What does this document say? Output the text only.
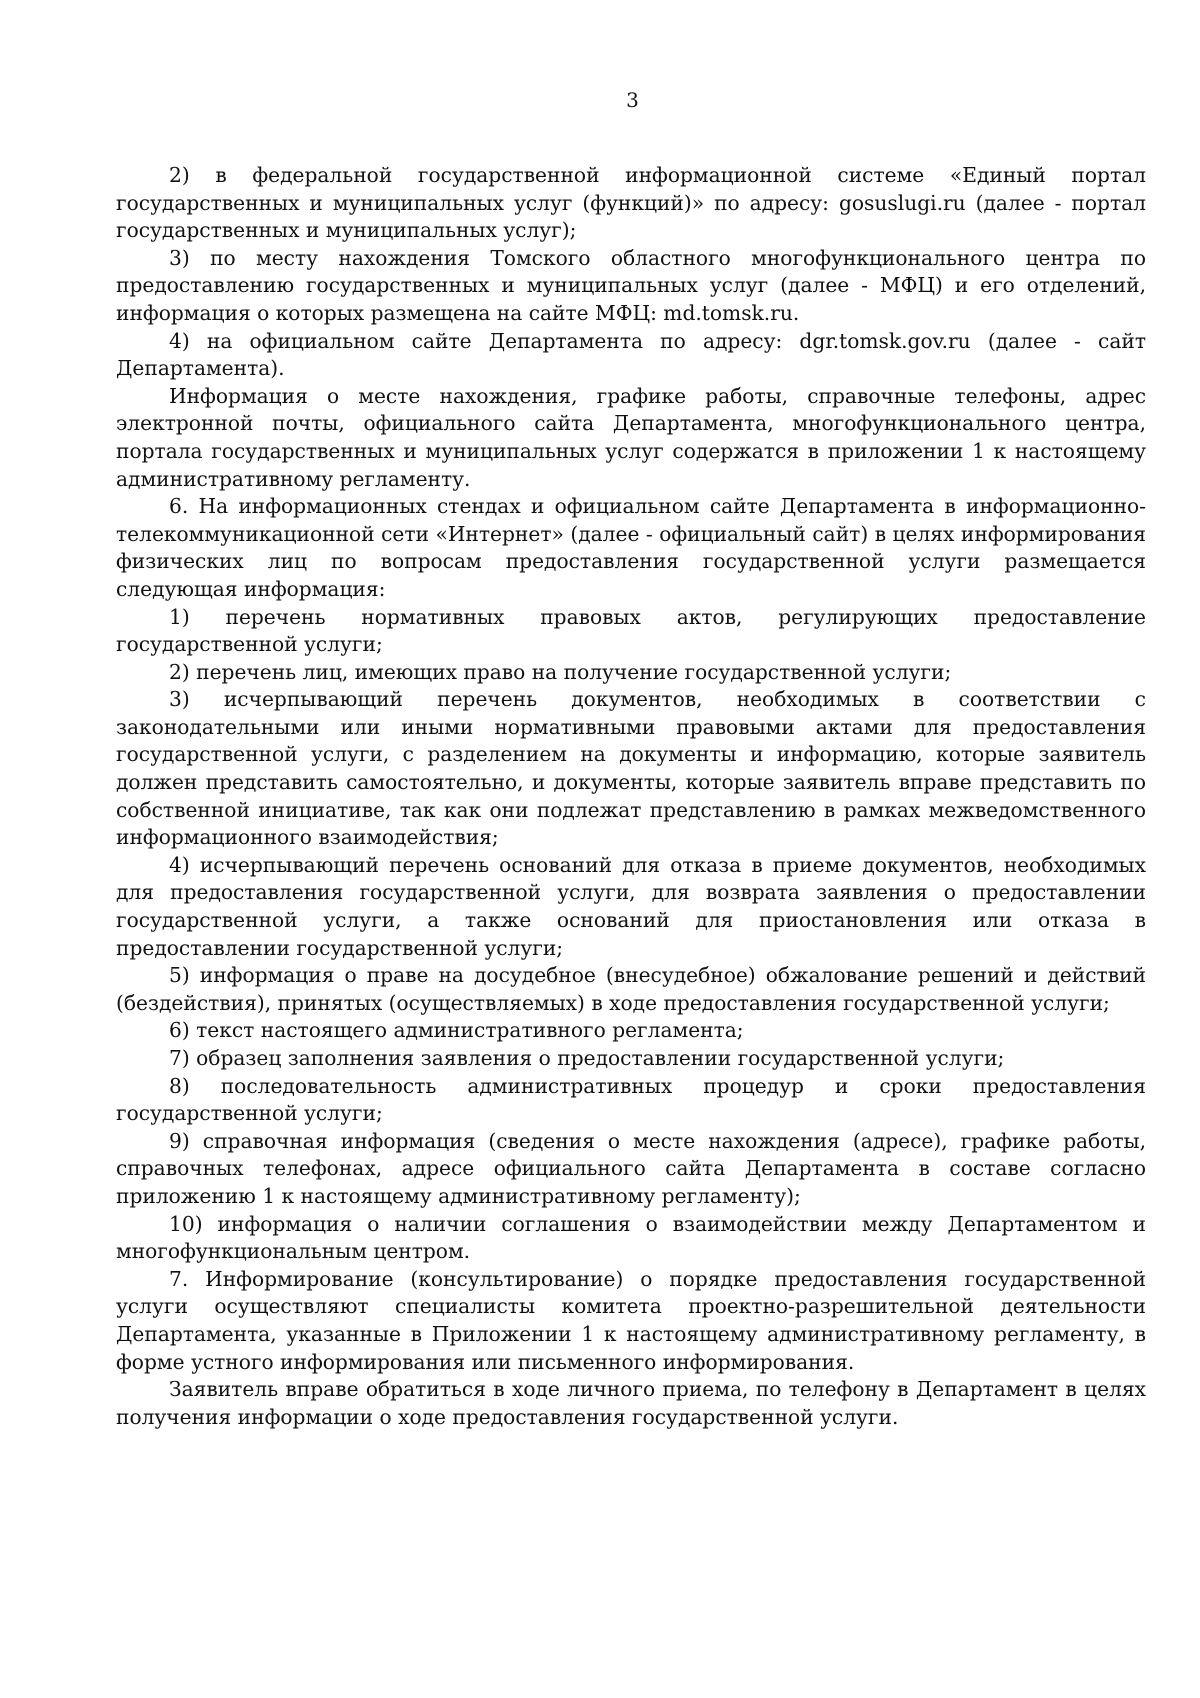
3

2) в федеральной государственной информационной системе «Единый портал государственных и муниципальных услуг (функций)» по адресу: gosuslugi.ru (далее - портал государственных и муниципальных услуг);

3) по месту нахождения Томского областного многофункционального центра по предоставлению государственных и муниципальных услуг (далее - МФЦ) и его отделений, информация о которых размещена на сайте МФЦ: md.tomsk.ru.

4) на официальном сайте Департамента по адресу: dgr.tomsk.gov.ru (далее - сайт Департамента).

Информация о месте нахождения, графике работы, справочные телефоны, адрес электронной почты, официального сайта Департамента, многофункционального центра, портала государственных и муниципальных услуг содержатся в приложении 1 к настоящему административному регламенту.

6. На информационных стендах и официальном сайте Департамента в информационно-телекоммуникационной сети «Интернет» (далее - официальный сайт) в целях информирования физических лиц по вопросам предоставления государственной услуги размещается следующая информация:

1) перечень нормативных правовых актов, регулирующих предоставление государственной услуги;

2) перечень лиц, имеющих право на получение государственной услуги;

3) исчерпывающий перечень документов, необходимых в соответствии с законодательными или иными нормативными правовыми актами для предоставления государственной услуги, с разделением на документы и информацию, которые заявитель должен представить самостоятельно, и документы, которые заявитель вправе представить по собственной инициативе, так как они подлежат представлению в рамках межведомственного информационного взаимодействия;

4) исчерпывающий перечень оснований для отказа в приеме документов, необходимых для предоставления государственной услуги, для возврата заявления о предоставлении государственной услуги, а также оснований для приостановления или отказа в предоставлении государственной услуги;

5) информация о праве на досудебное (внесудебное) обжалование решений и действий (бездействия), принятых (осуществляемых) в ходе предоставления государственной услуги;

6) текст настоящего административного регламента;

7) образец заполнения заявления о предоставлении государственной услуги;

8) последовательность административных процедур и сроки предоставления государственной услуги;

9) справочная информация (сведения о месте нахождения (адресе), графике работы, справочных телефонах, адресе официального сайта Департамента в составе согласно приложению 1 к настоящему административному регламенту);

10) информация о наличии соглашения о взаимодействии между Департаментом и многофункциональным центром.

7. Информирование (консультирование) о порядке предоставления государственной услуги осуществляют специалисты комитета проектно-разрешительной деятельности Департамента, указанные в Приложении 1 к настоящему административному регламенту, в форме устного информирования или письменного информирования.

Заявитель вправе обратиться в ходе личного приема, по телефону в Департамент в целях получения информации о ходе предоставления государственной услуги.
